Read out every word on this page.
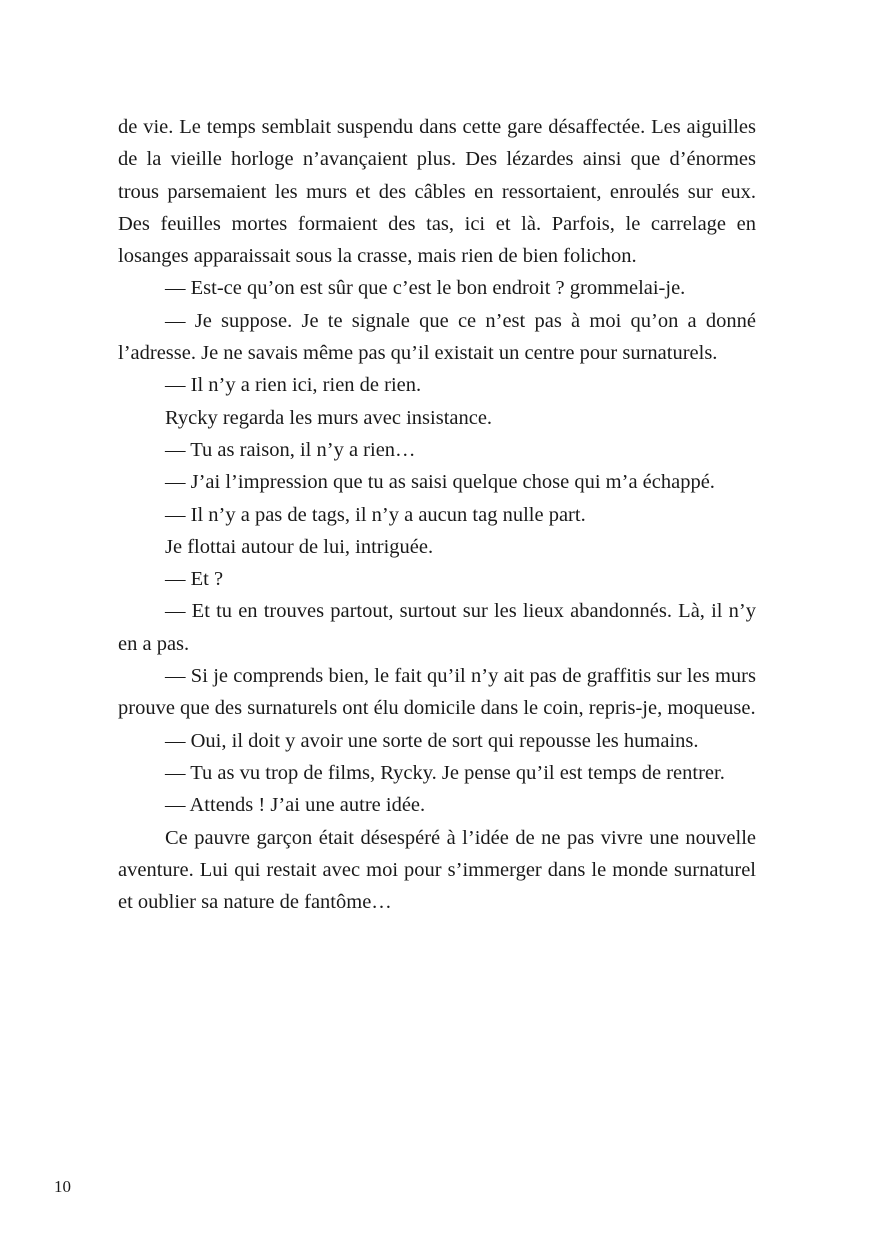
de vie. Le temps semblait suspendu dans cette gare désaffectée. Les aiguilles de la vieille horloge n’avançaient plus. Des lézardes ainsi que d’énormes trous parsemaient les murs et des câbles en ressortaient, enroulés sur eux. Des feuilles mortes formaient des tas, ici et là. Parfois, le carrelage en losanges apparaissait sous la crasse, mais rien de bien folichon.

— Est-ce qu’on est sûr que c’est le bon endroit ? grommelai-je.

— Je suppose. Je te signale que ce n’est pas à moi qu’on a donné l’adresse. Je ne savais même pas qu’il existait un centre pour surnaturels.

— Il n’y a rien ici, rien de rien.

Rycky regarda les murs avec insistance.

— Tu as raison, il n’y a rien…

— J’ai l’impression que tu as saisi quelque chose qui m’a échappé.

— Il n’y a pas de tags, il n’y a aucun tag nulle part.

Je flottai autour de lui, intriguée.

— Et ?

— Et tu en trouves partout, surtout sur les lieux abandonnés. Là, il n’y en a pas.

— Si je comprends bien, le fait qu’il n’y ait pas de graffitis sur les murs prouve que des surnaturels ont élu domicile dans le coin, repris-je, moqueuse.

— Oui, il doit y avoir une sorte de sort qui repousse les humains.

— Tu as vu trop de films, Rycky. Je pense qu’il est temps de rentrer.

— Attends ! J’ai une autre idée.

Ce pauvre garçon était désespéré à l’idée de ne pas vivre une nouvelle aventure. Lui qui restait avec moi pour s’immerger dans le monde surnaturel et oublier sa nature de fantôme…

10
